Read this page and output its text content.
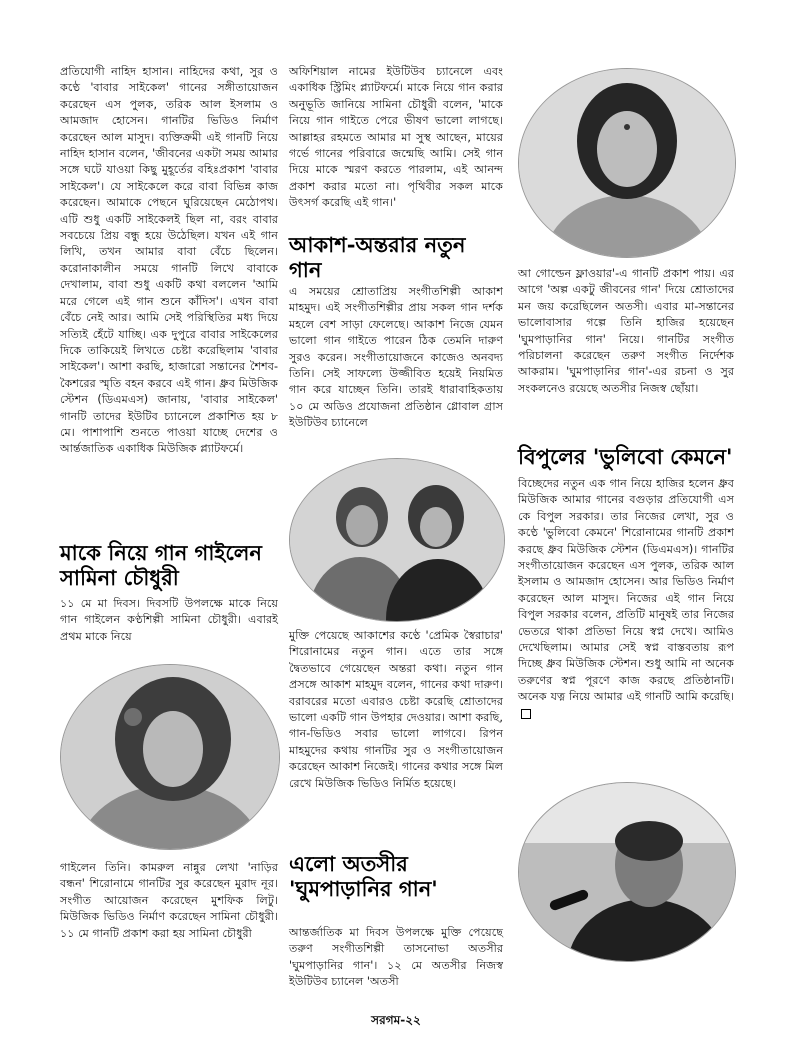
প্রতিযোগী নাহিদ হাসান। নাহিদের কথা, সুর ও কণ্ঠে 'বাবার সাইকেল' গানের সঙ্গীতায়োজন করেছেন এস পুলক, তরিক আল ইসলাম ও আমজাদ হোসেন। গানটির ভিডিও নির্মাণ করেছেন আল মাসুদ। ব্যক্তিক্রমী এই গানটি নিয়ে নাহিদ হাসান বলেন, 'জীবনের একটা সময় আমার সঙ্গে ঘটে যাওয়া কিছু মুহূর্তের বহিঃপ্রকাশ 'বাবার সাইকেল'। যে সাইকেলে করে বাবা বিভিন্ন কাজ করেছেন। আমাকে পেছনে ঘুরিয়েছেন মেঠোপথ। এটি শুধু একটি সাইকেলই ছিল না, বরং বাবার সবচেয়ে প্রিয় বন্ধু হয়ে উঠেছিল। যখন এই গান লিখি, তখন আমার বাবা বেঁচে ছিলেন। করোনাকালীন সময়ে গানটি লিখে বাবাকে দেখালাম, বাবা শুধু একটি কথা বললেন 'আমি মরে গেলে এই গান শুনে কাঁদিস'। এখন বাবা বেঁচে নেই আর। আমি সেই পরিস্থিতির মধ্য দিয়ে সত্যিই হেঁটে যাচ্ছি। এক দুপুরে বাবার সাইকেলের দিকে তাকিয়েই লিখতে চেষ্টা করেছিলাম 'বাবার সাইকেল'। আশা করছি, হাজারো সন্তানের শৈশব-কৈশরের স্মৃতি বহন করবে এই গান। ধ্রুব মিউজিক স্টেশন (ডিএমএস) জানায়, 'বাবার সাইকেল' গানটি তাদের ইউটিব চ্যানেলে প্রকাশিত হয় ৮ মে। পাশাপাশি শুনতে পাওয়া যাচ্ছে দেশের ও আর্ন্তজাতিক একাধিক মিউজিক প্ল্যাটফর্মে।

মাকে নিয়ে গান গাইলেন সামিনা চৌধুরী

১১ মে মা দিবস। দিবসটি উপলক্ষে মাকে নিয়ে গান গাইলেন কণ্ঠশিল্পী সামিনা চৌধুরী। এবারই প্রথম মাকে নিয়ে

গাইলেন তিনি। কামরুল নান্নুর লেখা 'নাড়ির বন্ধন' শিরোনামে গানটির সুর করেছেন মুরাদ নূর। সংগীত আয়োজন করেছেন মুশফিক লিটু। মিউজিক ভিডিও নির্মাণ করেছেন সামিনা চৌধুরী। ১১ মে গানটি প্রকাশ করা হয় সামিনা চৌধুরী

অফিশিয়াল নামের ইউটিউব চ্যানেলে এবং একাধিক স্ট্রিমিং প্ল্যাটফর্মে। মাকে নিয়ে গান করার অনুভূতি জানিয়ে সামিনা চৌধুরী বলেন, 'মাকে নিয়ে গান গাইতে পেরে ভীষণ ভালো লাগছে। আল্লাহর রহমতে আমার মা সুস্থ আছেন, মায়ের গর্ভে গানের পরিবারে জন্মেছি আমি। সেই গান দিয়ে মাকে স্মরণ করতে পারলাম, এই আনন্দ প্রকাশ করার মতো না। পৃথিবীর সকল মাকে উৎসর্গ করেছি এই গান।'

আকাশ-অন্তরার নতুন গান

এ সময়ের শ্রোতাপ্রিয় সংগীতশিল্পী আকাশ মাহমুদ। এই সংগীতশিল্পীর প্রায় সকল গান দর্শক মহলে বেশ সাড়া ফেলেছে। আকাশ নিজে যেমন ভালো গান গাইতে পারেন ঠিক তেমনি দারুণ সুরও করেন। সংগীতায়োজনে কাজেও অনবদ্য তিনি। সেই সাফল্যে উজ্জীবিত হয়েই নিয়মিত গান করে যাচ্ছেন তিনি। তারই ধারাবাহিকতায় ১০ মে অডিও প্রযোজনা প্রতিষ্ঠান গ্লোবাল গ্রাস ইউটিউব চ্যানেলে

মুক্তি পেয়েছে আকাশের কণ্ঠে 'প্রেমিক স্বৈরাচার' শিরোনামের নতুন গান। এতে তার সঙ্গে দ্বৈতভাবে গেয়েছেন অন্তরা কথা। নতুন গান প্রসঙ্গে আকাশ মাহমুদ বলেন, গানের কথা দারুণ। বরাবরের মতো এবারও চেষ্টা করেছি শ্রোতাদের ভালো একটি গান উপহার দেওয়ার। আশা করছি, গান-ভিডিও সবার ভালো লাগবে। রিপন মাহমুদের কথায় গানটির সুর ও সংগীতায়োজন করেছেন আকাশ নিজেই। গানের কথার সঙ্গে মিল রেখে মিউজিক ভিডিও নির্মিত হয়েছে।

এলো অতসীর 'ঘুমপাড়ানির গান'

আন্তর্জাতিক মা দিবস উপলক্ষে মুক্তি পেয়েছে তরুণ সংগীতশিল্পী তাসনোভা অতসীর 'ঘুমপাড়ানির গান'। ১২ মে অতসীর নিজস্ব ইউটিউব চ্যানেল 'অতসী

আ গোল্ডেন ফ্লাওয়ার'-এ গানটি প্রকাশ পায়। এর আগে 'অল্প একটু জীবনের গান' দিয়ে শ্রোতাদের মন জয় করেছিলেন অতসী। এবার মা-সন্তানের ভালোবাসার গল্পে তিনি হাজির হয়েছেন 'ঘুমপাড়ানির গান' নিয়ে। গানটির সংগীত পরিচালনা করেছেন তরুণ সংগীত নির্দেশক আকরাম। 'ঘুমপাড়ানির গান'-এর রচনা ও সুর সংকলনেও রয়েছে অতসীর নিজস্ব ছোঁয়া।

বিপুলের 'ভুলিবো কেমনে'

বিচ্ছেদের নতুন এক গান নিয়ে হাজির হলেন ধ্রুব মিউজিক আমার গানের বগুড়ার প্রতিযোগী এস কে বিপুল সরকার। তার নিজের লেখা, সুর ও কণ্ঠে 'ভুলিবো কেমনে' শিরোনামের গানটি প্রকাশ করছে ধ্রুব মিউজিক স্টেশন (ডিএমএস)। গানটির সংগীতায়োজন করেছেন এস পুলক, তরিক আল ইসলাম ও আমজাদ হোসেন। আর ভিডিও নির্মাণ করেছেন আল মাসুদ। নিজের এই গান নিয়ে বিপুল সরকার বলেন, প্রতিটি মানুষই তার নিজের ভেতরে থাকা প্রতিভা নিয়ে স্বপ্ন দেখে। আমিও দেখেছিলাম। আমার সেই স্বপ্ন বাস্তবতায় রূপ দিচ্ছে ধ্রুব মিউজিক স্টেশন। শুধু আমি না অনেক তরুণের স্বপ্ন পূরণে কাজ করছে প্রতিষ্ঠানটি। অনেক যত্ন নিয়ে আমার এই গানটি আমি করেছি।

সরগম-২২
